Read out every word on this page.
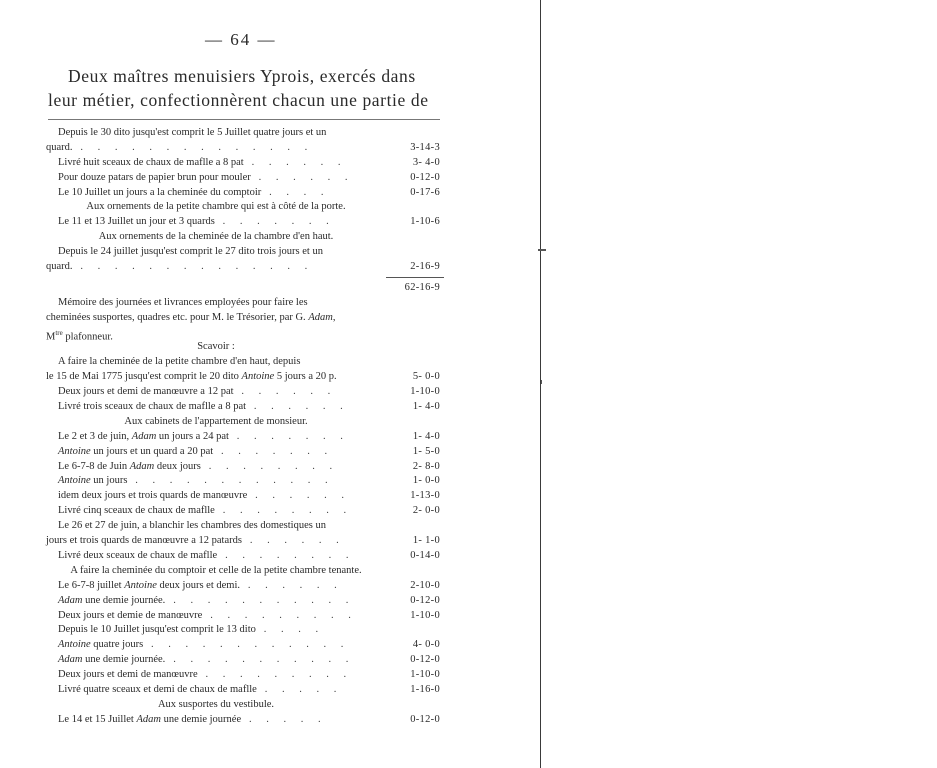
— 64 —
Deux maîtres menuisiers Yprois, exercés dans
leur métier, confectionnèrent chacun une partie de
Depuis le 30 dito jusqu'est comprit le 5 Juillet quatre jours et un
quard. . . . . . . . . . . . . . .	3-14-3
Livré huit sceaux de chaux de maflle a 8 pat . . . . . .	3- 4-0
Pour douze patars de papier brun pour mouler . . . . . .	0-12-0
Le 10 Juillet un jours a la cheminée du comptoir . . . .	0-17-6
Aux ornements de la petite chambre qui est à côté de la porte.
Le 11 et 13 Juillet un jour et 3 quards . . . . . . .	1-10-6
Aux ornements de la cheminée de la chambre d'en haut.
Depuis le 24 juillet jusqu'est comprit le 27 dito trois jours et un
quard. . . . . . . . . . . . . . .	2-16-9
62-16-9
Mémoire des journées et livrances employées pour faire les
cheminées susportes, quadres etc. pour M. le Trésorier, par G. Adam,
$M^{tre}$ plafonneur.
Scavoir :
A faire la cheminée de la petite chambre d'en haut, depuis
le 15 de Mai 1775 jusqu'est comprit le 20 dito Antoine 5 jours a 20 p.	5- 0-0
Deux jours et demi de manœuvre a 12 pat . . . . . .	1-10-0
Livré trois sceaux de chaux de maflle a 8 pat . . . . . .	1- 4-0
Aux cabinets de l'appartement de monsieur.
Le 2 et 3 de juin, Adam un jours a 24 pat . . . . . . .	1- 4-0
Antoine un jours et un quard a 20 pat . . . . . . .	1- 5-0
Le 6-7-8 de Juin Adam deux jours . . . . . . . .	2- 8-0
Antoine un jours . . . . . . . . . . . .	1- 0-0
idem deux jours et trois quards de manœuvre . . . . . .	1-13-0
Livré cinq sceaux de chaux de maflle . . . . . . . .	2- 0-0
Le 26 et 27 de juin, a blanchir les chambres des domestiques un
jours et trois quards de manœuvre a 12 patards . . . . . .	1- 1-0
Livré deux sceaux de chaux de maflle . . . . . . . .	0-14-0
A faire la cheminée du comptoir et celle de la petite chambre tenante.
Le 6-7-8 juillet Antoine deux jours et demi. . . . . . .	2-10-0
Adam une demie journée. . . . . . . . . . . .	0-12-0
Deux jours et demie de manœuvre . . . . . . . . .	1-10-0
Depuis le 10 Juillet jusqu'est comprit le 13 dito . . . .
Antoine quatre jours . . . . . . . . . . . .	4- 0-0
Adam une demie journée. . . . . . . . . . . .	0-12-0
Deux jours et demi de manœuvre . . . . . . . . .	1-10-0
Livré quatre sceaux et demi de chaux de maflle . . . . .	1-16-0
Aux susportes du vestibule.
Le 14 et 15 Juillet Adam une demie journée . . . . .	0-12-0
